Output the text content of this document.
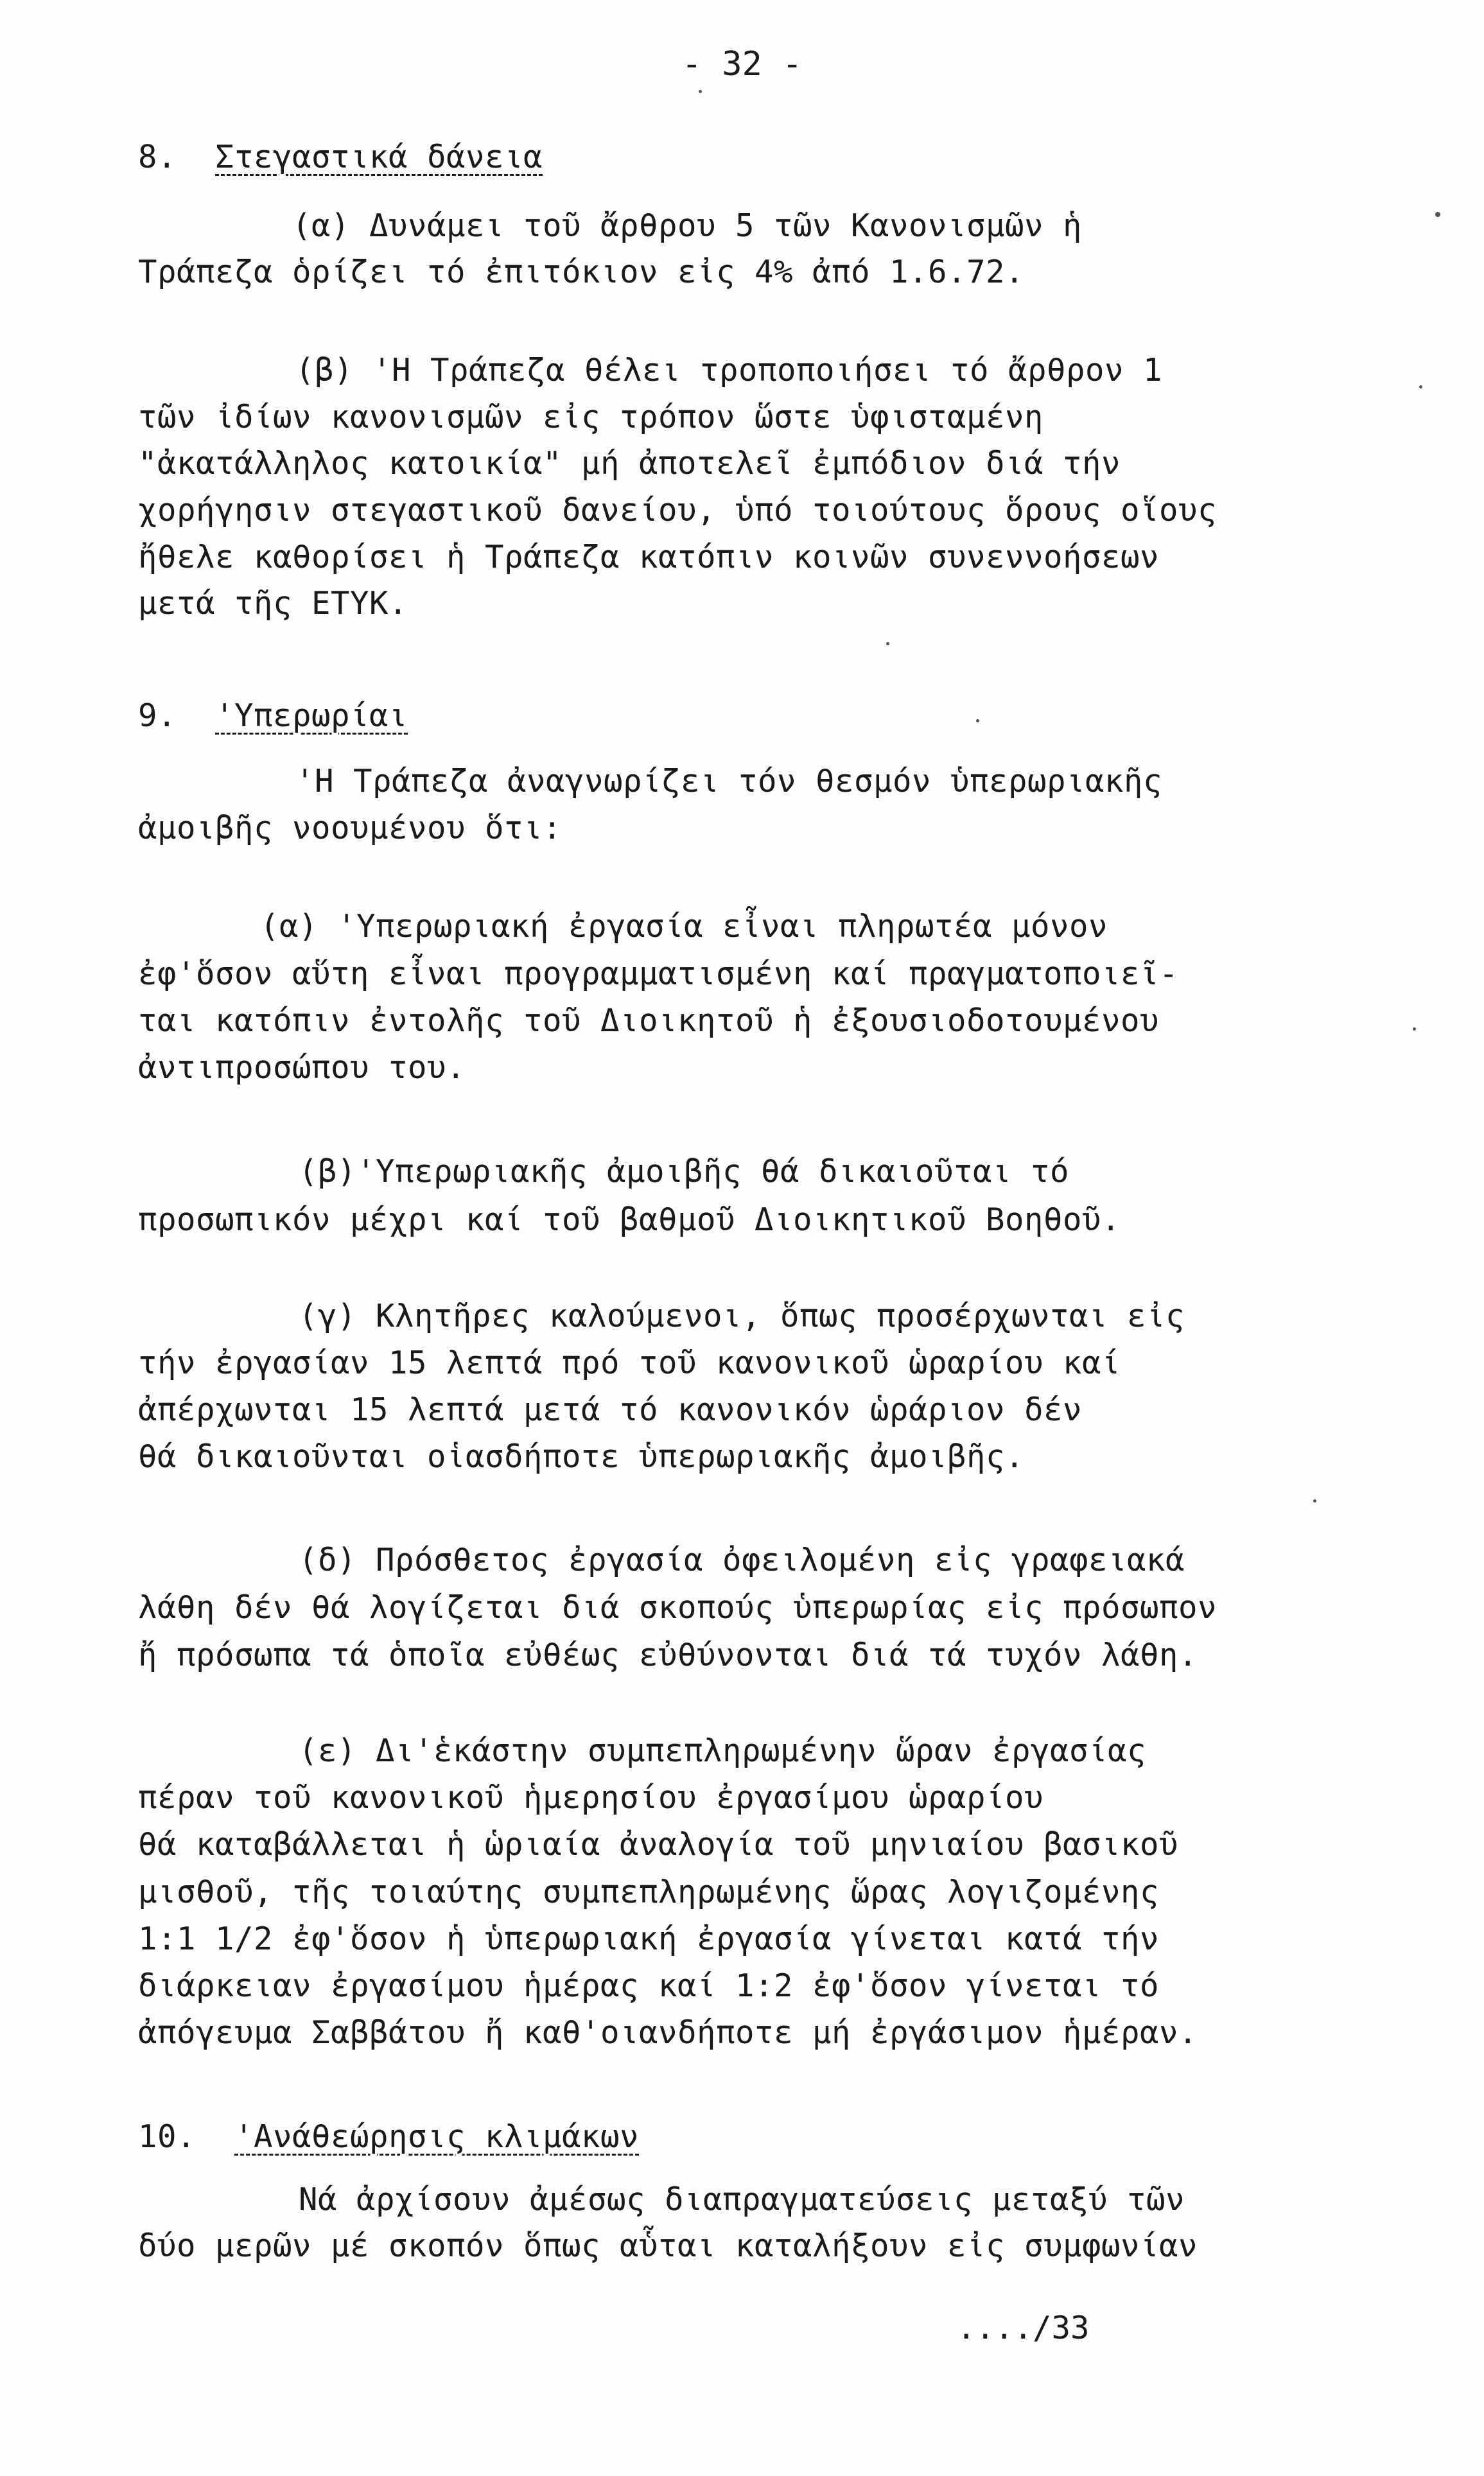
- 32 -
8. Στεγαστικά δάνεια
(α) Δυνάμει τοῦ ἄρθρου 5 τῶν Κανονισμῶν ἡ
Τράπεζα ὁρίζει τό ἐπιτόκιον εἰς 4% ἀπό 1.6.72.
(β) 'Η Τράπεζα θέλει τροποποιήσει τό ἄρθρον 1
τῶν ἰδίων κανονισμῶν εἰς τρόπον ὥστε ὑφισταμένη
"ἀκατάλληλος κατοικία" μή ἀποτελεῖ ἐμπόδιον διά τήν
χορήγησιν στεγαστικοῦ δανείου, ὑπό τοιούτους ὅρους οἵους
ἤθελε καθορίσει ἡ Τράπεζα κατόπιν κοινῶν συνεννοήσεων
μετά τῆς ΕΤΥΚ.
9. 'Υπερωρίαι
'Η Τράπεζα ἀναγνωρίζει τόν θεσμόν ὑπερωριακῆς
ἀμοιβῆς νοουμένου ὅτι:
(α) 'Υπερωριακή ἐργασία εἶναι πληρωτέα μόνον
ἐφ'ὅσον αὕτη εἶναι προγραμματισμένη καί πραγματοποιεῖ-
ται κατόπιν ἐντολῆς τοῦ Διοικητοῦ ἡ ἐξουσιοδοτουμένου
ἀντιπροσώπου του.
(β)'Υπερωριακῆς ἀμοιβῆς θά δικαιοῦται τό
προσωπικόν μέχρι καί τοῦ βαθμοῦ Διοικητικοῦ Βοηθοῦ.
(γ) Κλητῆρες καλούμενοι, ὅπως προσέρχωνται εἰς
τήν ἐργασίαν 15 λεπτά πρό τοῦ κανονικοῦ ὡραρίου καί
ἀπέρχωνται 15 λεπτά μετά τό κανονικόν ὡράριον δέν
θά δικαιοῦνται οἱασδήποτε ὑπερωριακῆς ἀμοιβῆς.
(δ) Πρόσθετος ἐργασία ὀφειλομένη εἰς γραφειακά
λάθη δέν θά λογίζεται διά σκοπούς ὑπερωρίας εἰς πρόσωπον
ἤ πρόσωπα τά ὁποῖα εὐθέως εὐθύνονται διά τά τυχόν λάθη.
(ε) Δι'ἑκάστην συμπεπληρωμένην ὥραν ἐργασίας
πέραν τοῦ κανονικοῦ ἡμερησίου ἐργασίμου ὡραρίου
θά καταβάλλεται ἡ ὡριαία ἀναλογία τοῦ μηνιαίου βασικοῦ
μισθοῦ, τῆς τοιαύτης συμπεπληρωμένης ὥρας λογιζομένης
1:1 1/2 ἐφ'ὅσον ἡ ὑπερωριακή ἐργασία γίνεται κατά τήν
διάρκειαν ἐργασίμου ἡμέρας καί 1:2 ἐφ'ὅσον γίνεται τό
ἀπόγευμα Σαββάτου ἤ καθ'οιανδήποτε μή ἐργάσιμον ἡμέραν.
10. 'Ανάθεώρησις κλιμάκων
Νά ἀρχίσουν ἀμέσως διαπραγματεύσεις μεταξύ τῶν
δύο μερῶν μέ σκοπόν ὅπως αὗται καταλήξουν εἰς συμφωνίαν
..../33
